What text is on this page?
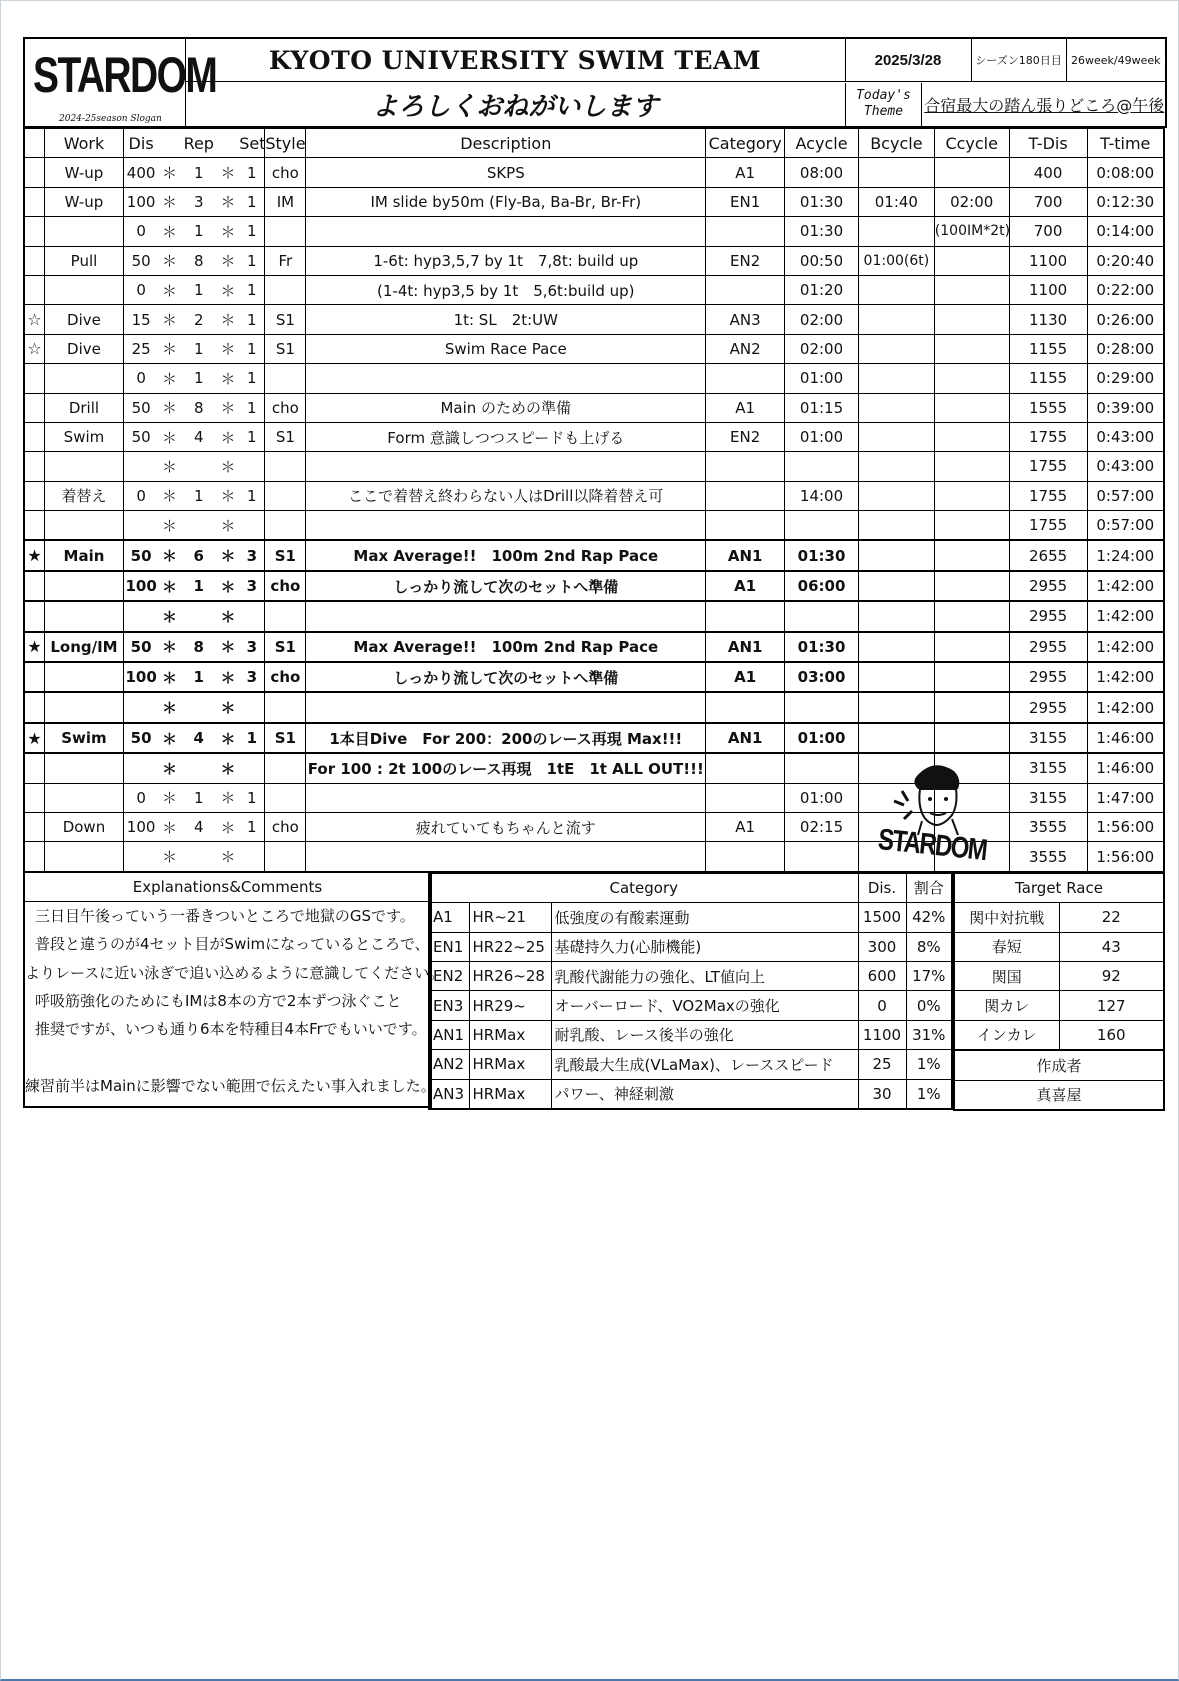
STARDOM
2024-25season Slogan
	KYOTO UNIVERSITY SWIM TEAM	2025/3/28	シーズン180日目	26week/49week

よろしくおねがいします	Today's
Theme	合宿最大の踏ん張りどころ@午後
	Work	Dis		Rep		Set	Style	Description	Category	Acycle	Bcycle	Ccycle	T-Dis	T-time
	W-up	400	＊	1	＊	1	cho	SKPS	A1	08:00			400	0:08:00
	W-up	100	＊	3	＊	1	IM	IM slide by50m (Fly-Ba, Ba-Br, Br-Fr)	EN1	01:30	01:40	02:00	700	0:12:30
		0	＊	1	＊	1				01:30		(100IM*2t)	700	0:14:00
	Pull	50	＊	8	＊	1	Fr	1-6t: hyp3,5,7 by 1t　7,8t: build up	EN2	00:50	01:00(6t)		1100	0:20:40
		0	＊	1	＊	1		(1-4t: hyp3,5 by 1t　5,6t:build up)		01:20			1100	0:22:00
☆	Dive	15	＊	2	＊	1	S1	1t: SL　2t:UW	AN3	02:00			1130	0:26:00
☆	Dive	25	＊	1	＊	1	S1	Swim Race Pace	AN2	02:00			1155	0:28:00
		0	＊	1	＊	1				01:00			1155	0:29:00
	Drill	50	＊	8	＊	1	cho	Main のための準備	A1	01:15			1555	0:39:00
	Swim	50	＊	4	＊	1	S1	Form 意識しつつスピードも上げる	EN2	01:00			1755	0:43:00
			＊		＊								1755	0:43:00
	着替え	0	＊	1	＊	1		ここで着替え終わらない人はDrill以降着替え可		14:00			1755	0:57:00
			＊		＊								1755	0:57:00
★	Main	50	＊	6	＊	3	S1	Max Average!!　100m 2nd Rap Pace	AN1	01:30			2655	1:24:00
		100	＊	1	＊	3	cho	しっかり流して次のセットへ準備	A1	06:00			2955	1:42:00
			＊		＊								2955	1:42:00
★	Long/IM	50	＊	8	＊	3	S1	Max Average!!　100m 2nd Rap Pace	AN1	01:30			2955	1:42:00
		100	＊	1	＊	3	cho	しっかり流して次のセットへ準備	A1	03:00			2955	1:42:00
			＊		＊								2955	1:42:00
★	Swim	50	＊	4	＊	1	S1	1本目Dive　For 200：200のレース再現 Max!!!	AN1	01:00			3155	1:46:00
			＊		＊			For 100 : 2t 100のレース再現　1tE　1t ALL OUT!!!					3155	1:46:00
		0	＊	1	＊	1				01:00			3155	1:47:00
	Down	100	＊	4	＊	1	cho	疲れていてもちゃんと流す	A1	02:15			3555	1:56:00
			＊		＊								3555	1:56:00
Explanations&Comments
三日目午後っていう一番きついところで地獄のGSです。
普段と違うのが4セット目がSwimになっているところで、
よりレースに近い泳ぎで追い込めるように意識してください。
呼吸筋強化のためにもIMは8本の方で2本ずつ泳ぐこと
推奨ですが、いつも通り6本を特種目4本Frでもいいです。
練習前半はMainに影響でない範囲で伝えたい事入れました。
Category			Dis.	割合
A1	HR~21	低強度の有酸素運動	1500	42%
EN1	HR22~25	基礎持久力(心肺機能)	300	8%
EN2	HR26~28	乳酸代謝能力の強化、LT値向上	600	17%
EN3	HR29~	オーバーロード、VO2Maxの強化	0	0%
AN1	HRMax	耐乳酸、レース後半の強化	1100	31%
AN2	HRMax	乳酸最大生成(VLaMax)、レーススピード	25	1%
AN3	HRMax	パワー、神経刺激	30	1%
Target Race	
関中対抗戦	22
春短	43
関国	92
関カレ	127
インカレ	160
作成者	
真喜屋	
STARDOM
